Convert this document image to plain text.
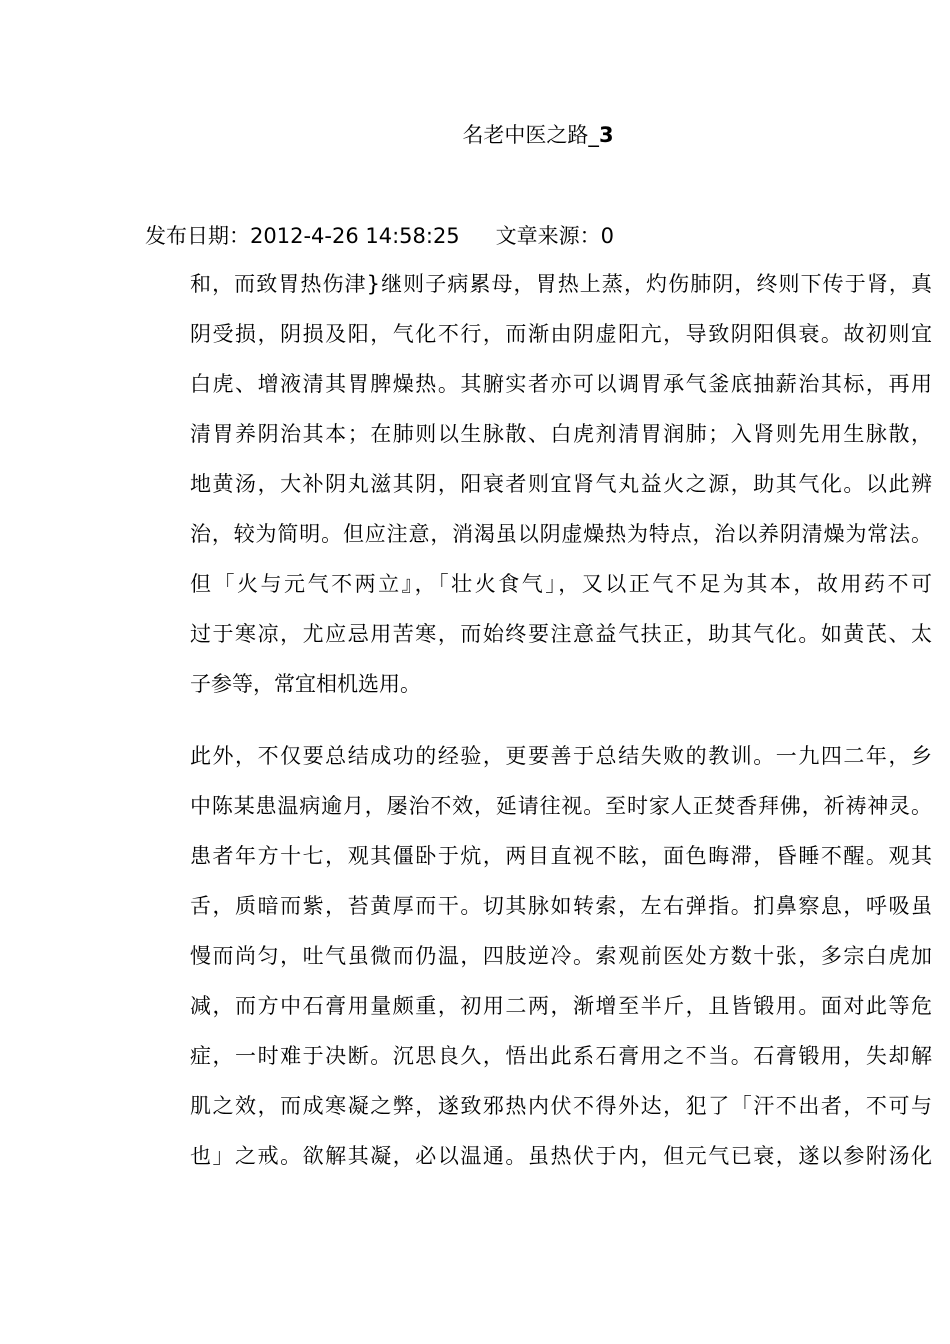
名老中医之路_3
发布日期：2012-4-26 14:58:25 文章来源：0
和，而致胃热伤津}继则子病累母，胃热上蒸，灼伤肺阴，终则下传于肾，真
阴受损，阴损及阳，气化不行，而渐由阴虚阳亢，导致阴阳俱衰。故初则宜
白虎、增液清其胃脾燥热。其腑实者亦可以调胃承气釜底抽薪治其标，再用
清胃养阴治其本；在肺则以生脉散、白虎剂清胃润肺；入肾则先用生脉散，
地黄汤，大补阴丸滋其阴，阳衰者则宜肾气丸益火之源，助其气化。以此辨
治，较为简明。但应注意，消渴虽以阴虚燥热为特点，治以养阴清燥为常法。
但「火与元气不两立』，「壮火食气」，又以正气不足为其本，故用药不可
过于寒凉，尤应忌用苦寒，而始终要注意益气扶正，助其气化。如黄芪、太
子参等，常宜相机选用。
此外，不仅要总结成功的经验，更要善于总结失败的教训。一九四二年，乡
中陈某患温病逾月，屡治不效，延请往视。至时家人正焚香拜佛，祈祷神灵。
患者年方十七，观其僵卧于炕，两目直视不眩，面色晦滞，昏睡不醒。观其
舌，质暗而紫，苔黄厚而干。切其脉如转索，左右弹指。扪鼻察息，呼吸虽
慢而尚匀，吐气虽微而仍温，四肢逆冷。索观前医处方数十张，多宗白虎加
减，而方中石膏用量颇重，初用二两，渐增至半斤，且皆锻用。面对此等危
症，一时难于决断。沉思良久，悟出此系石膏用之不当。石膏锻用，失却解
肌之效，而成寒凝之弊，遂致邪热内伏不得外达，犯了「汗不出者，不可与
也」之戒。欲解其凝，必以温通。虽热伏于内，但元气已衰，遂以参附汤化
